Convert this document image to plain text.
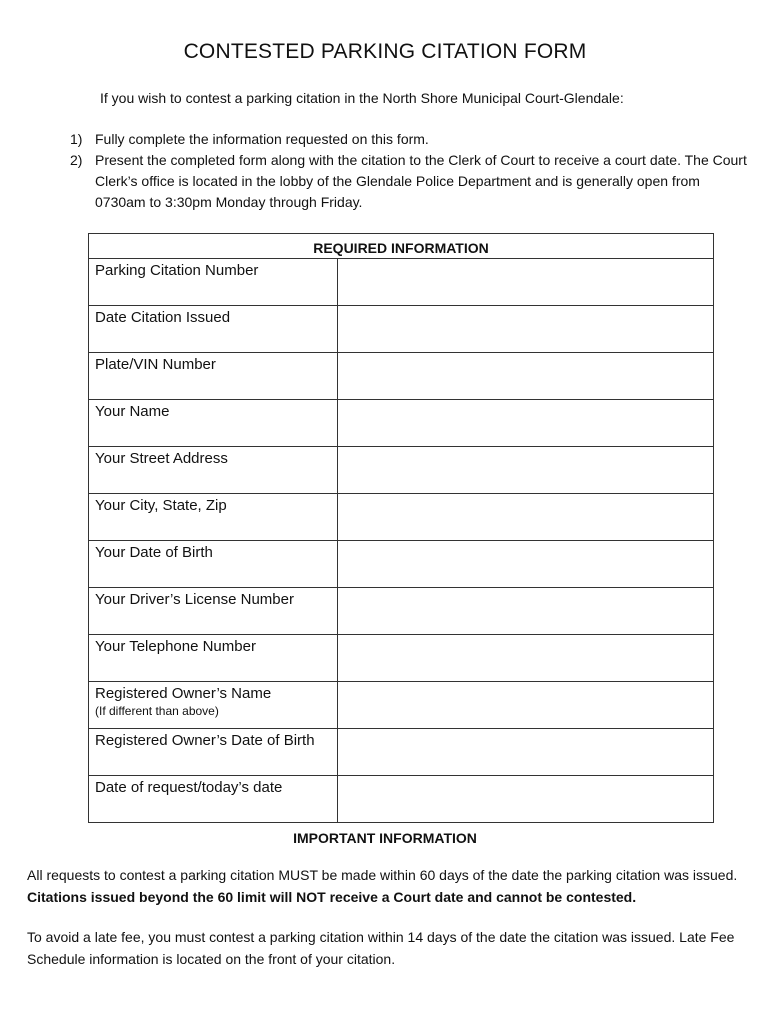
CONTESTED PARKING CITATION FORM
If you wish to contest a parking citation in the North Shore Municipal Court-Glendale:
1) Fully complete the information requested on this form.
2) Present the completed form along with the citation to the Clerk of Court to receive a court date. The Court Clerk’s office is located in the lobby of the Glendale Police Department and is generally open from 0730am to 3:30pm Monday through Friday.
REQUIRED INFORMATION	
Parking Citation Number	
Date Citation Issued	
Plate/VIN Number	
Your Name	
Your Street Address	
Your City, State, Zip	
Your Date of Birth	
Your Driver’s License Number	
Your Telephone Number	
Registered Owner’s Name
(If different than above)	

Registered Owner’s Date of Birth	
Date of request/today’s date	
IMPORTANT INFORMATION
All requests to contest a parking citation MUST be made within 60 days of the date the parking citation was issued. Citations issued beyond the 60 limit will NOT receive a Court date and cannot be contested.
To avoid a late fee, you must contest a parking citation within 14 days of the date the citation was issued. Late Fee Schedule information is located on the front of your citation.
